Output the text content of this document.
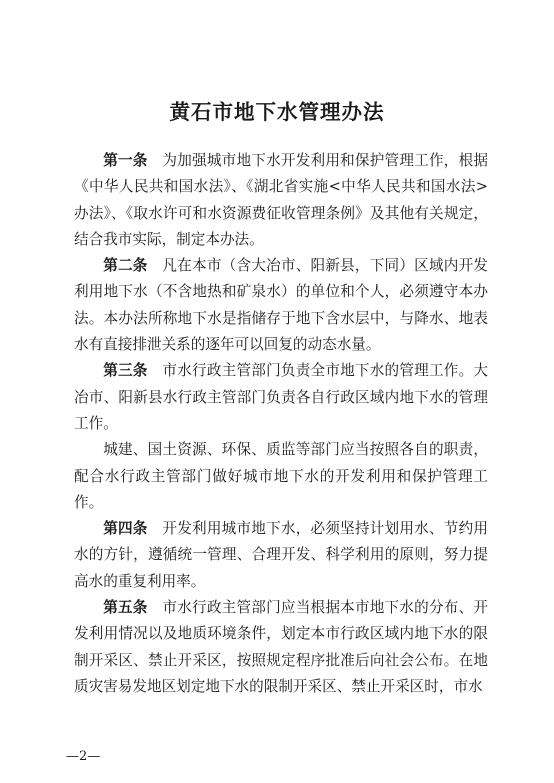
黄石市地下水管理办法

第一条  为加强城市地下水开发利用和保护管理工作，根据《中华人民共和国水法》、《湖北省实施<中华人民共和国水法>办法》、《取水许可和水资源费征收管理条例》及其他有关规定，结合我市实际，制定本办法。

第二条  凡在本市（含大冶市、阳新县，下同）区域内开发利用地下水（不含地热和矿泉水）的单位和个人，必须遵守本办法。本办法所称地下水是指储存于地下含水层中，与降水、地表水有直接排泄关系的逐年可以回复的动态水量。

第三条  市水行政主管部门负责全市地下水的管理工作。大冶市、阳新县水行政主管部门负责各自行政区域内地下水的管理工作。

城建、国土资源、环保、质监等部门应当按照各自的职责，配合水行政主管部门做好城市地下水的开发利用和保护管理工作。

第四条  开发利用城市地下水，必须坚持计划用水、节约用水的方针，遵循统一管理、合理开发、科学利用的原则，努力提高水的重复利用率。

第五条  市水行政主管部门应当根据本市地下水的分布、开发利用情况以及地质环境条件，划定本市行政区域内地下水的限制开采区、禁止开采区，按照规定程序批准后向社会公布。在地质灾害易发地区划定地下水的限制开采区、禁止开采区时，市水

—2—
